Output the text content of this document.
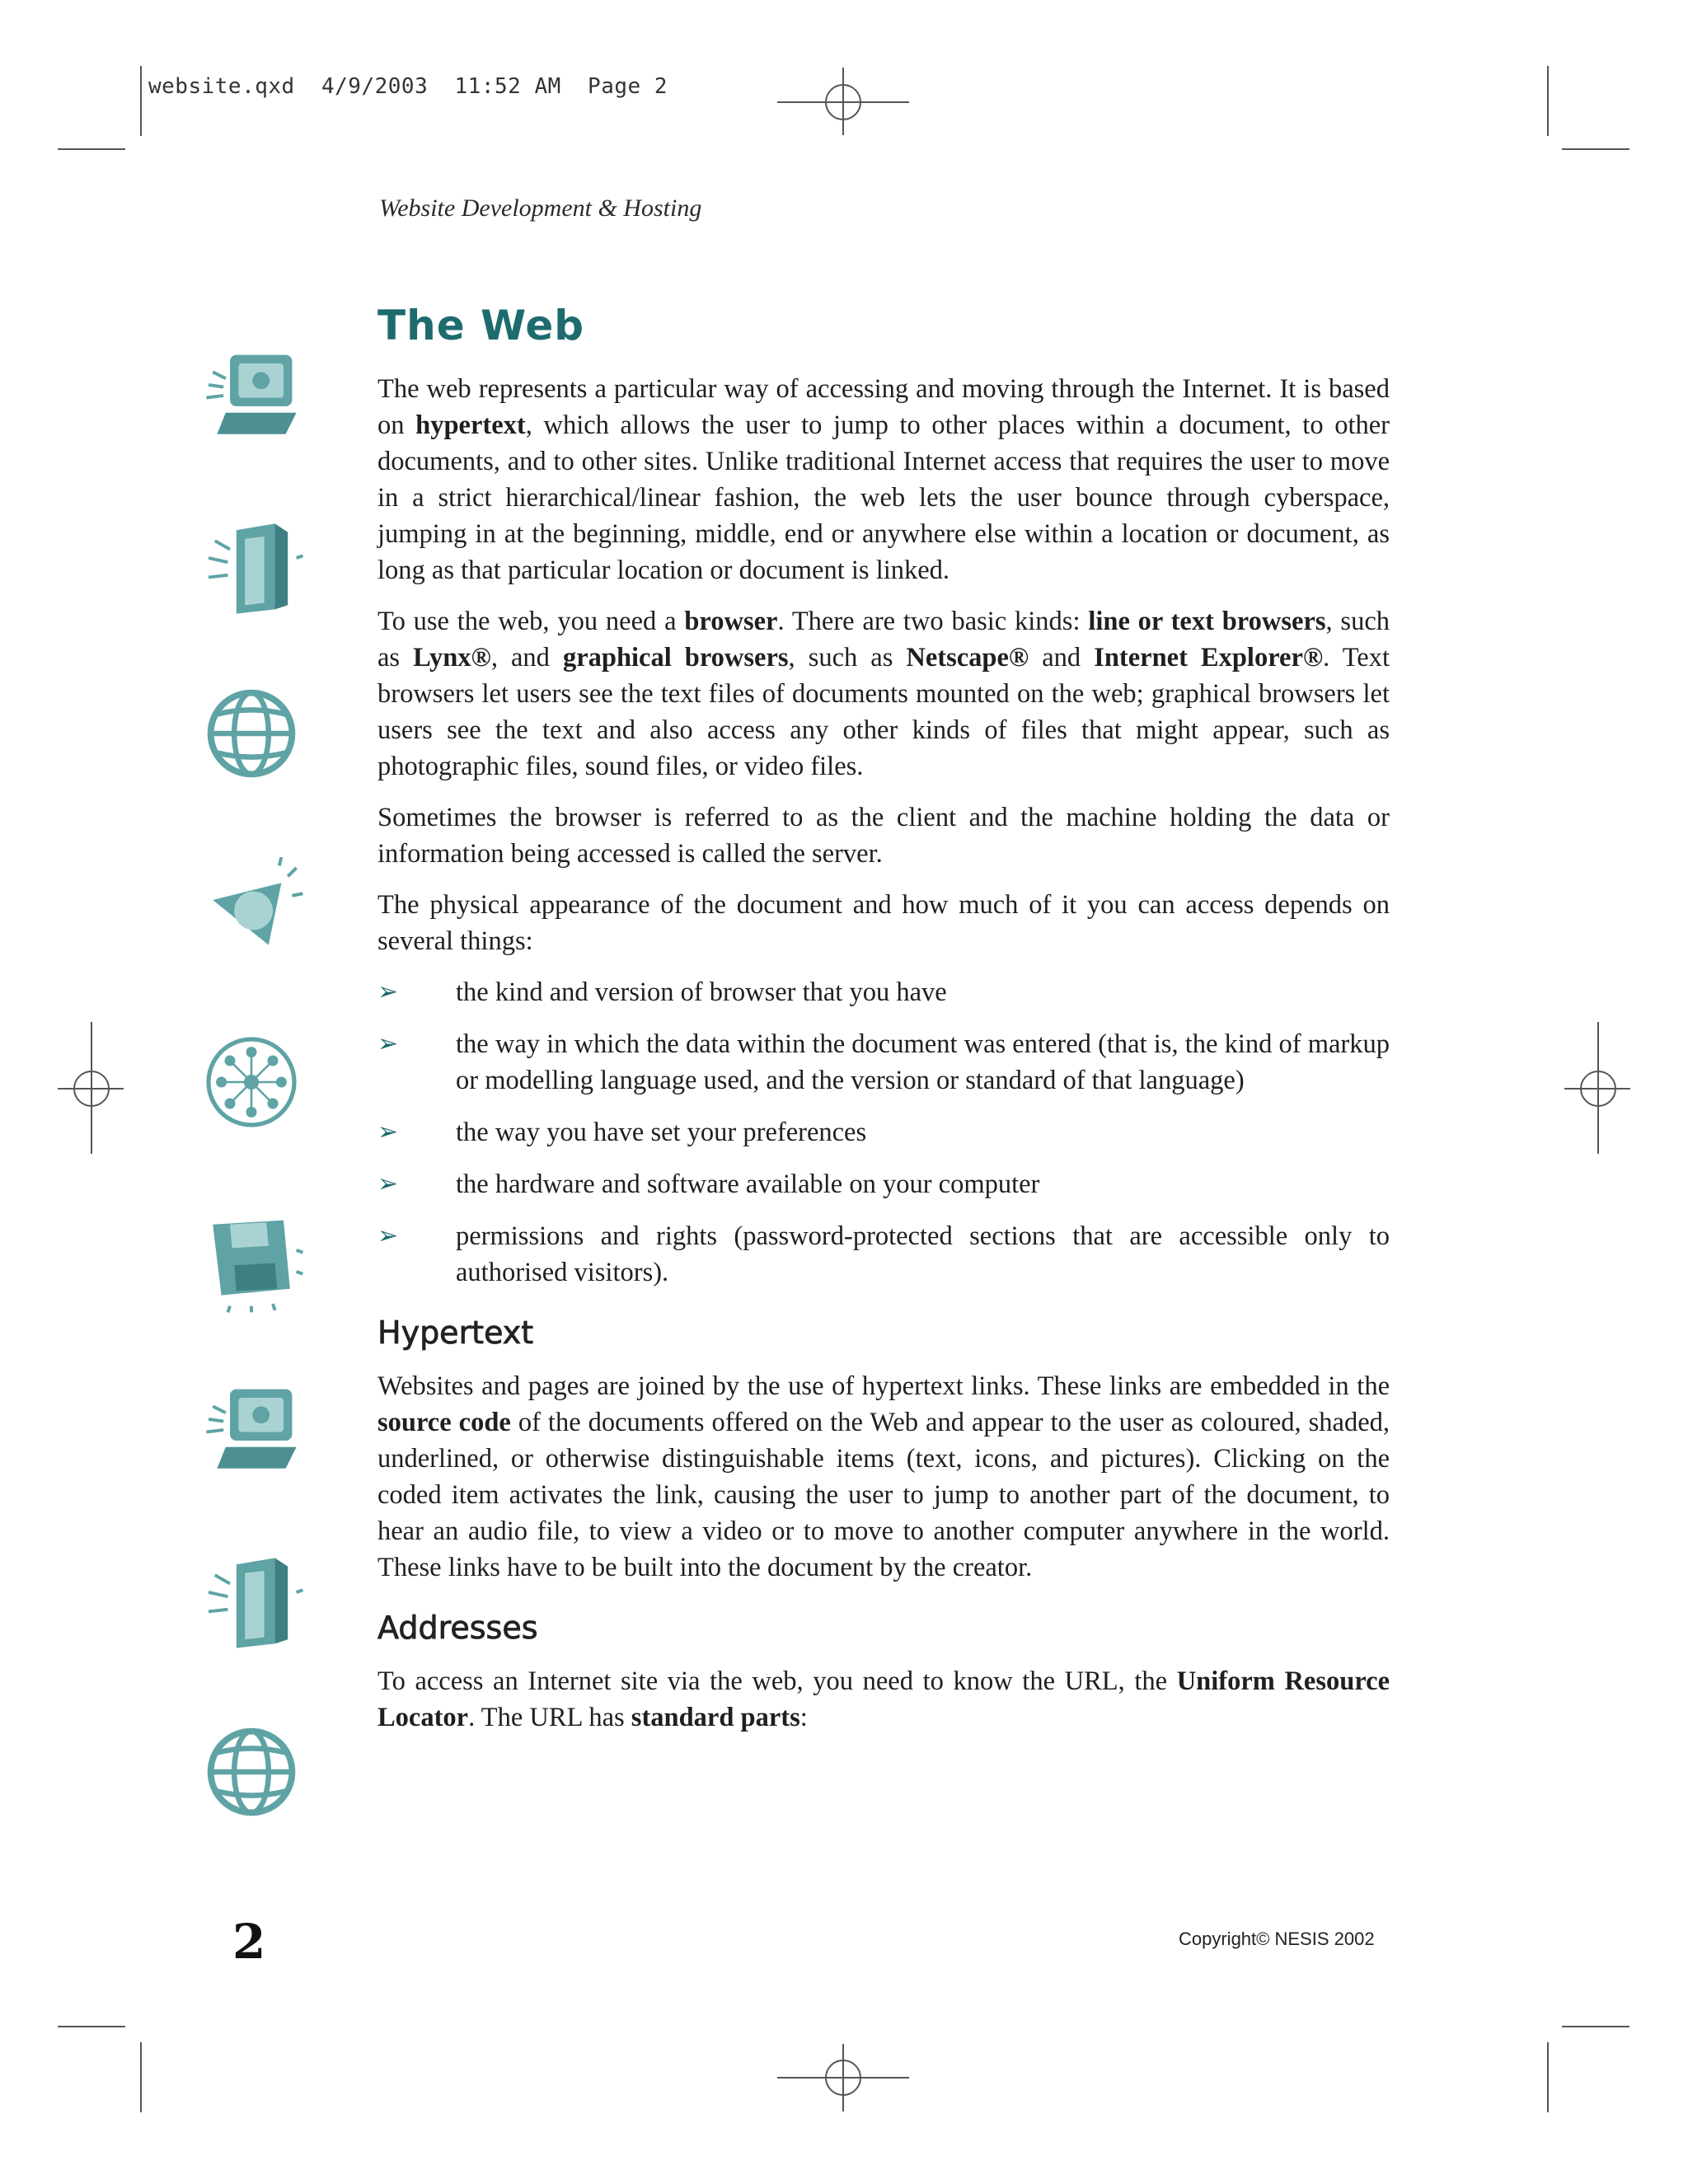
website.qxd  4/9/2003  11:52 AM  Page 2
Website Development & Hosting
The Web

The web represents a particular way of accessing and moving through the Internet. It is based on hypertext, which allows the user to jump to other places within a document, to other documents, and to other sites. Unlike traditional Internet access that requires the user to move in a strict hierarchical/linear fashion, the web lets the user bounce through cyberspace, jumping in at the beginning, middle, end or anywhere else within a location or document, as long as that particular location or document is linked.

To use the web, you need a browser. There are two basic kinds: line or text browsers, such as Lynx®, and graphical browsers, such as Netscape® and Internet Explorer®. Text browsers let users see the text files of documents mounted on the web; graphical browsers let users see the text and also access any other kinds of files that might appear, such as photographic files, sound files, or video files.

Sometimes the browser is referred to as the client and the machine holding the data or information being accessed is called the server.

The physical appearance of the document and how much of it you can access depends on several things:

➢ the kind and version of browser that you have
➢ the way in which the data within the document was entered (that is, the kind of markup or modelling language used, and the version or standard of that language)
➢ the way you have set your preferences
➢ the hardware and software available on your computer
➢ permissions and rights (password-protected sections that are accessible only to authorised visitors).
Hypertext

Websites and pages are joined by the use of hypertext links. These links are embedded in the source code of the documents offered on the Web and appear to the user as coloured, shaded, underlined, or otherwise distinguishable items (text, icons, and pictures). Clicking on the coded item activates the link, causing the user to jump to another part of the document, to hear an audio file, to view a video or to move to another computer anywhere in the world. These links have to be built into the document by the creator.

Addresses

To access an Internet site via the web, you need to know the URL, the Uniform Resource Locator. The URL has standard parts:

2	Copyright© NESIS 2002
